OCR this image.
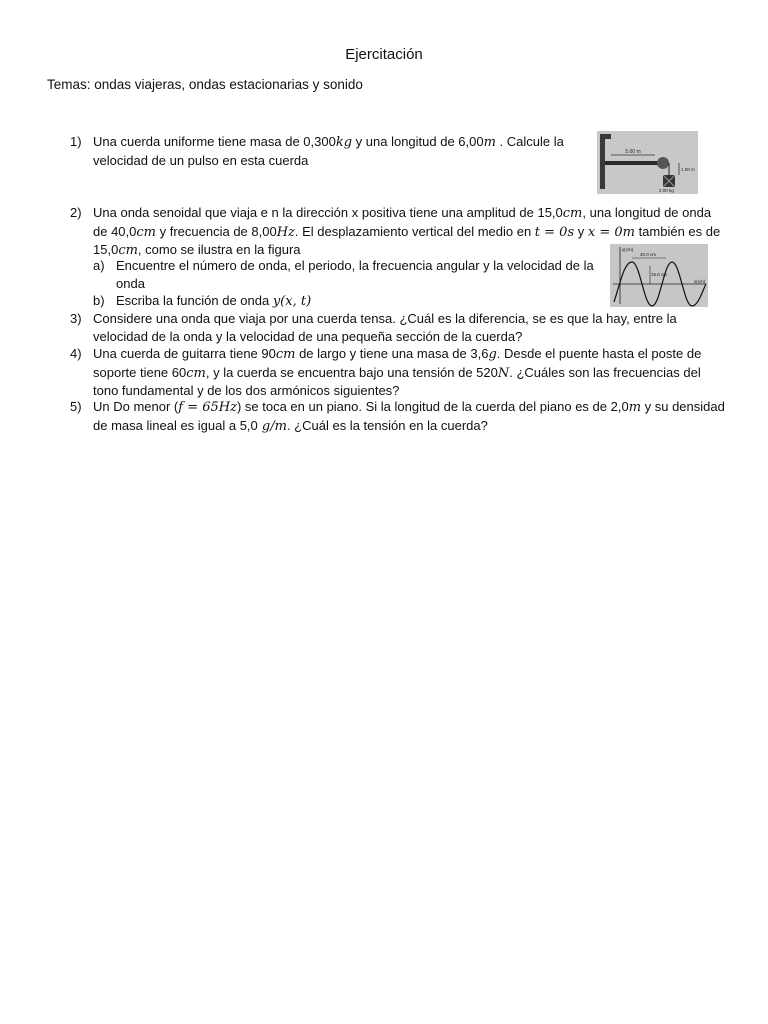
Ejercitación
Temas: ondas viajeras, ondas estacionarias y sonido
1) Una cuerda uniforme tiene masa de 0,300kg y una longitud de 6,00m . Calcule la
velocidad de un pulso en esta cuerda
5.00 m
1.00 m
2.00 kg
2) Una onda senoidal que viaja e n la dirección x positiva tiene una amplitud de 15,0cm, una longitud de onda
de 40,0cm y frecuencia de 8,00Hz. El desplazamiento vertical del medio en t = 0s y x = 0m también es de
15,0cm, como se ilustra en la figura
a) Encuentre el número de onda, el periodo, la frecuencia angular y la velocidad de la
onda
b) Escriba la función de onda y(x, t)
y(cm)
x(cm)
40.0 cm
15.0 cm
3) Considere una onda que viaja por una cuerda tensa. ¿Cuál es la diferencia, se es que la hay, entre la
velocidad de la onda y la velocidad de una pequeña sección de la cuerda?
4) Una cuerda de guitarra tiene 90cm de largo y tiene una masa de 3,6g. Desde el puente hasta el poste de
soporte tiene 60cm, y la cuerda se encuentra bajo una tensión de 520N. ¿Cuáles son las frecuencias del
tono fundamental y de los dos armónicos siguientes?
5) Un Do menor (f = 65Hz) se toca en un piano. Si la longitud de la cuerda del piano es de 2,0m y su densidad
de masa lineal es igual a 5,0 g/m. ¿Cuál es la tensión en la cuerda?
